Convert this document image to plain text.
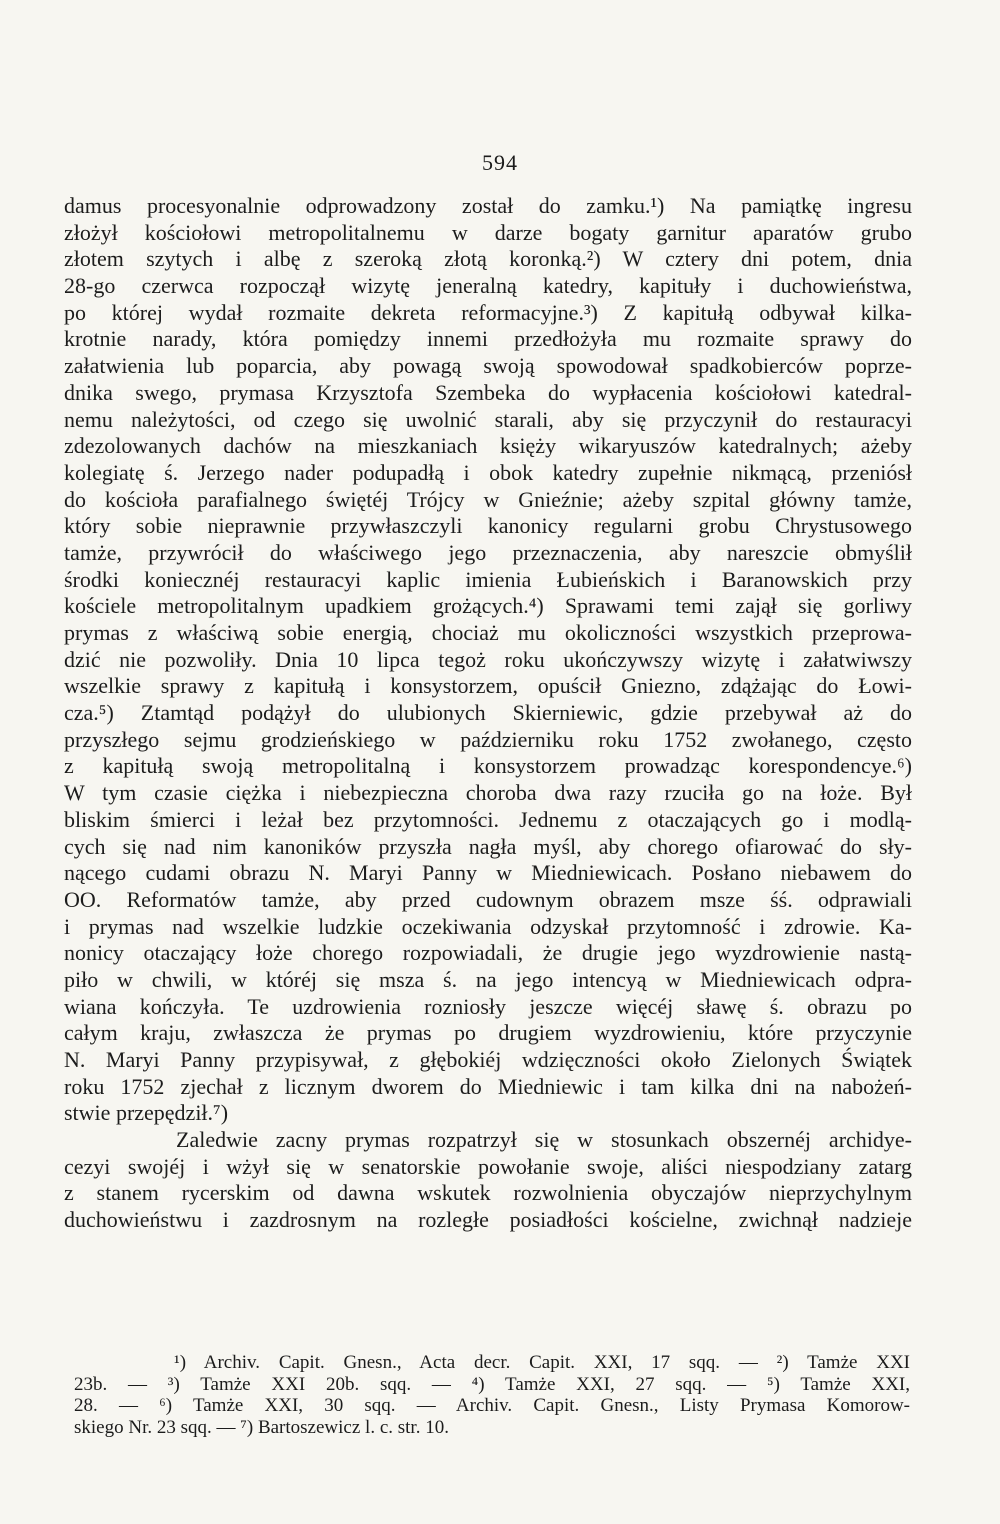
594
damus procesyonalnie odprowadzony został do zamku.¹) Na pamiątkę ingresu
złożył kościołowi metropolitalnemu w darze bogaty garnitur aparatów grubo
złotem szytych i albę z szeroką złotą koronką.²) W cztery dni potem, dnia
28-go czerwca rozpoczął wizytę jeneralną katedry, kapituły i duchowieństwa,
po której wydał rozmaite dekreta reformacyjne.³) Z kapitułą odbywał kilka-
krotnie narady, która pomiędzy innemi przedłożyła mu rozmaite sprawy do
załatwienia lub poparcia, aby powagą swoją spowodował spadkobierców poprze-
dnika swego, prymasa Krzysztofa Szembeka do wypłacenia kościołowi katedral-
nemu należytości, od czego się uwolnić starali, aby się przyczynił do restauracyi
zdezolowanych dachów na mieszkaniach księży wikaryuszów katedralnych; ażeby
kolegiatę ś. Jerzego nader podupadłą i obok katedry zupełnie nikmącą, przeniósł
do kościoła parafialnego świętéj Trójcy w Gnieźnie; ażeby szpital główny tamże,
który sobie nieprawnie przywłaszczyli kanonicy regularni grobu Chrystusowego
tamże, przywrócił do właściwego jego przeznaczenia, aby nareszcie obmyślił
środki koniecznéj restauracyi kaplic imienia Łubieńskich i Baranowskich przy
kościele metropolitalnym upadkiem grożących.⁴) Sprawami temi zajął się gorliwy
prymas z właściwą sobie energią, chociaż mu okoliczności wszystkich przeprowa-
dzić nie pozwoliły. Dnia 10 lipca tegoż roku ukończywszy wizytę i załatwiwszy
wszelkie sprawy z kapitułą i konsystorzem, opuścił Gniezno, zdążając do Łowi-
cza.⁵) Ztamtąd podążył do ulubionych Skierniewic, gdzie przebywał aż do
przyszłego sejmu grodzieńskiego w październiku roku 1752 zwołanego, często
z kapitułą swoją metropolitalną i konsystorzem prowadząc korespondencye.⁶)
W tym czasie ciężka i niebezpieczna choroba dwa razy rzuciła go na łoże. Był
bliskim śmierci i leżał bez przytomności. Jednemu z otaczających go i modlą-
cych się nad nim kanoników przyszła nagła myśl, aby chorego ofiarować do sły-
nącego cudami obrazu N. Maryi Panny w Miedniewicach. Posłano niebawem do
OO. Reformatów tamże, aby przed cudownym obrazem msze śś. odprawiali
i prymas nad wszelkie ludzkie oczekiwania odzyskał przytomność i zdrowie. Ka-
nonicy otaczający łoże chorego rozpowiadali, że drugie jego wyzdrowienie nastą-
piło w chwili, w któréj się msza ś. na jego intencyą w Miedniewicach odpra-
wiana kończyła. Te uzdrowienia rozniosły jeszcze więcéj sławę ś. obrazu po
całym kraju, zwłaszcza że prymas po drugiem wyzdrowieniu, które przyczynie
N. Maryi Panny przypisywał, z głębokiéj wdzięczności około Zielonych Świątek
roku 1752 zjechał z licznym dworem do Miedniewic i tam kilka dni na nabożeń-
stwie przepędził.⁷)
Zaledwie zacny prymas rozpatrzył się w stosunkach obszernéj archidye-
cezyi swojéj i wżył się w senatorskie powołanie swoje, aliści niespodziany zatarg
z stanem rycerskim od dawna wskutek rozwolnienia obyczajów nieprzychylnym
duchowieństwu i zazdrosnym na rozległe posiadłości kościelne, zwichnął nadzieje
¹) Archiv. Capit. Gnesn., Acta decr. Capit. XXI, 17 sqq. — ²) Tamże XXI
23b. — ³) Tamże XXI 20b. sqq. — ⁴) Tamże XXI, 27 sqq. — ⁵) Tamże XXI,
28. — ⁶) Tamże XXI, 30 sqq. — Archiv. Capit. Gnesn., Listy Prymasa Komorow-
skiego Nr. 23 sqq. — ⁷) Bartoszewicz l. c. str. 10.
